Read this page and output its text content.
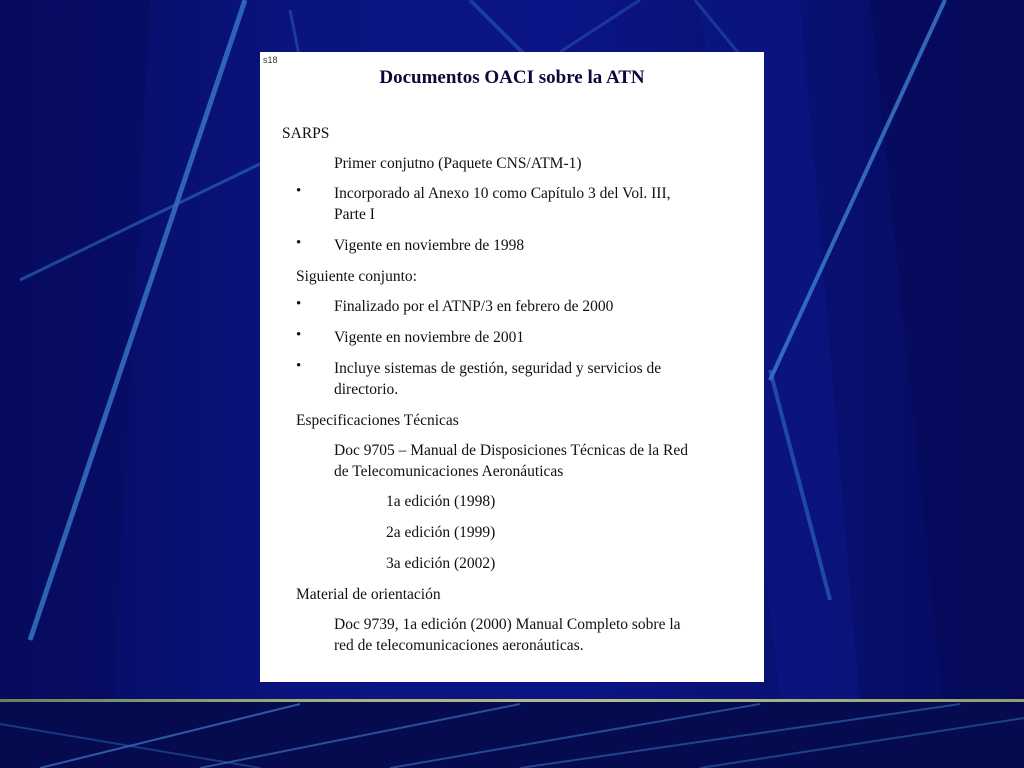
s18
Documentos OACI sobre la ATN
SARPS
Primer conjutno (Paquete CNS/ATM-1)
• Incorporado al Anexo 10 como Capítulo 3 del Vol. III,
Parte I
• Vigente en noviembre de 1998
Siguiente conjunto:
• Finalizado por el ATNP/3 en febrero de 2000
• Vigente en noviembre de 2001
• Incluye sistemas de gestión, seguridad y servicios de
directorio.
Especificaciones Técnicas
Doc 9705 – Manual de Disposiciones Técnicas de la Red
de Telecomunicaciones Aeronáuticas
1a edición (1998)
2a edición (1999)
3a edición (2002)
Material de orientación
Doc 9739, 1a edición (2000) Manual Completo sobre la
red de telecomunicaciones aeronáuticas.
